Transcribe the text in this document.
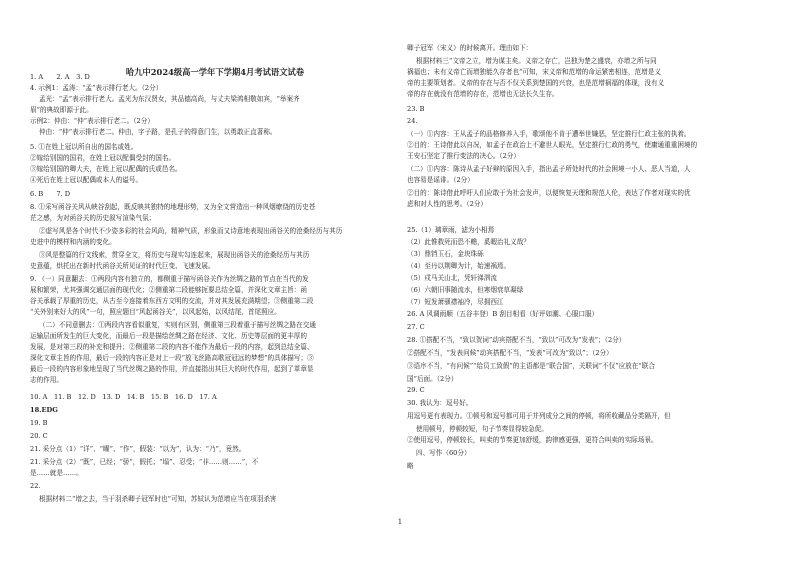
哈九中2024级高一学年下学期4月考试语文试卷
1. A　　2. A　3. D
4. 示例1：孟涛：“孟”表示排行老大。（2分）
孟光：“孟”表示排行老大。孟光为东汉贤女，其品德高尚，与丈夫梁鸿相敬如宾，“举案齐
眉”的典故即源于此。
示例2：仲由：“仲”表示排行老二。（2分）
仲由：“仲”表示排行老二。仲由，字子路，是孔子的得意门生，以勇敢正直著称。
5. ①在姓上冠以所自出的国名或姓。
②嫁给别国的国君，在姓上冠以配偶受封的国名。
③嫁给别国的卿大夫，在姓上冠以配偶的氏或邑名。
④死后在姓上冠以配偶或本人的谥号。
6. B　　7. D
8. ①采写函谷关风从峡谷刮起，既反映其独特的地理形势，又为全文营造出一种风烟缭绕的历史苍
茫之感，为对函谷关的历史叙写渲染气氛；
②虚写风是各个时代不少姿多彩的社会风尚，精神气质，形象而又诗意地表现出函谷关的沧桑经历与其历
史进中的模样和内涵的变化。
③风是整篇的行文线索，贯穿全文，将历史与现实勾连起来，展现出函谷关的沧桑经历与其历
史意蕴，烘托出在新时代函谷关所见证的时代巨变、飞速发展。
9. （一）同意翻去：①两段内容有独立的，都侧重于描写函谷关作为丝绸之路的节点在当代的发
展和繁荣，尤其强调交通层面的现代化；②侧重第二段能够扼要总结全篇，并深化文章主旨：函
谷关承载了厚重的历史，从古至今连接着东西方文明的交流，并对其发展充满期望；③侧重第二段
“关外别来好大的风”一句，照应题目“风起函谷关”，以风起始，以风结尾，首尾照应。
（二）不同意删去：①两段内容看似重复，实则有区别，侧重第三段着重于描写丝绸之路在交通
运输层面所发生的巨大变化，而最后一段是描绘丝绸之路在经济、文化、历史等层面的更丰厚的
发展，是对第三段的补充和提升；②侧重第二段的内容不能作为最后一段的内容，起到总结全篇、
深化文章主旨的作用，最后一段的内容正是对上一段“放飞丝路高歌冠冠远的梦想”的具体描写；③
最后一段的内容形象地呈现了当代丝绸之路的作用，并直接指出其巨大的时代作用，起到了革章显
志的作用。
10. A　11. B　12. D　13. D　14. B　15. B　16. D　17. A
18.EDG
19. B
20. C
21. 采分点（1）“详”、“曜”、“作”，假装：“以为”，认为：“乃”，竟然。
21. 采分点（2）“既”，已经；“骄”，假托；“塌”、忍受；“非……则……”，不
是……就是……。
22.
根据材料二“增之去，当于羽杀卿子冠军时也”可知，苏轼认为范增应当在项羽杀害
卿子冠军（宋义）的时候离开。理由如下：
根据材料三“文帝之立，增为谋主矣。义帝之存亡，岂独为楚之盛衰，亦增之所与同
祸福也；未有义帝亡而增独能久存者也”可知，宋义帝和范增的命运紧密相连，范增是义
帝的主要策划者。义帝的存在与否不仅关系到楚国的兴衰，也是范增祸福的体现，没有义
帝的存在就没有范增的存在，范增也无法长久生存。
23. B
24.
（一）①内容：王从孟子的品格修养入手，歌颂他不肯于遭举世嫌恶，坚定推行仁政主张的执着。
②目的：王诗借此以自况，如孟子在政治上不避世人眼光，坚定推行仁政的勇气，使庸通重重困境的
王安石坚定了推行变法的决心。（2分）
（二）①内容：陈诗从孟子好辩的原因入手，指出孟子所处时代的社会困境一小人、恶人当道，人
也容易是谣诽。（2分）
②目的：陈诗借此呼吁人们应敢于为社会发声，以便恢复天理和规范人伦，表达了作者对现实的优
虑和对人性的思考。（2分）
25.（1）璃章雨，滤为小相焉
（2）此惟救死而恐不赡，奚暇治礼义哉？
（3）鼎铛玉石，金块珠砾
（4）至丹以荆卿为计，始速祸焉。
（5）戍马关山北，凭轩涕泗流
（6）六朝旧事随流水，但寒烟衰草凝绿
（7）短发萧骚襟袖冷，尽拥西江
26. A 风调雨顺（五谷丰登）B 刮目相看（好评如潮、心服口服）
27. C
28. ①搭配不当，“致以贺词”动宾搭配不当，“致以”可改为“发表”；（2分）
②搭配不当，“发表问候”动宾搭配不当，“发表”可改为“致以”；（2分）
③语序不当，“有问候”“给员工致假”的主语都是“联合国”，关联词“不仅”应放在“联合
国”后面。（2分）
29. C
30. 我认为：逗号好。
用逗号更有表现力。①顿号和逗号都可用于并列成分之间的停顿，将所收藏品分类隔开，但
使用顿号，停顿较短，句子节奏显得较急促。
②使用逗号，停顿较长，叫卖的节奏更加舒缓，韵律感更强，更符合叫卖的实际场景。
四、写作（60分）
略
1
